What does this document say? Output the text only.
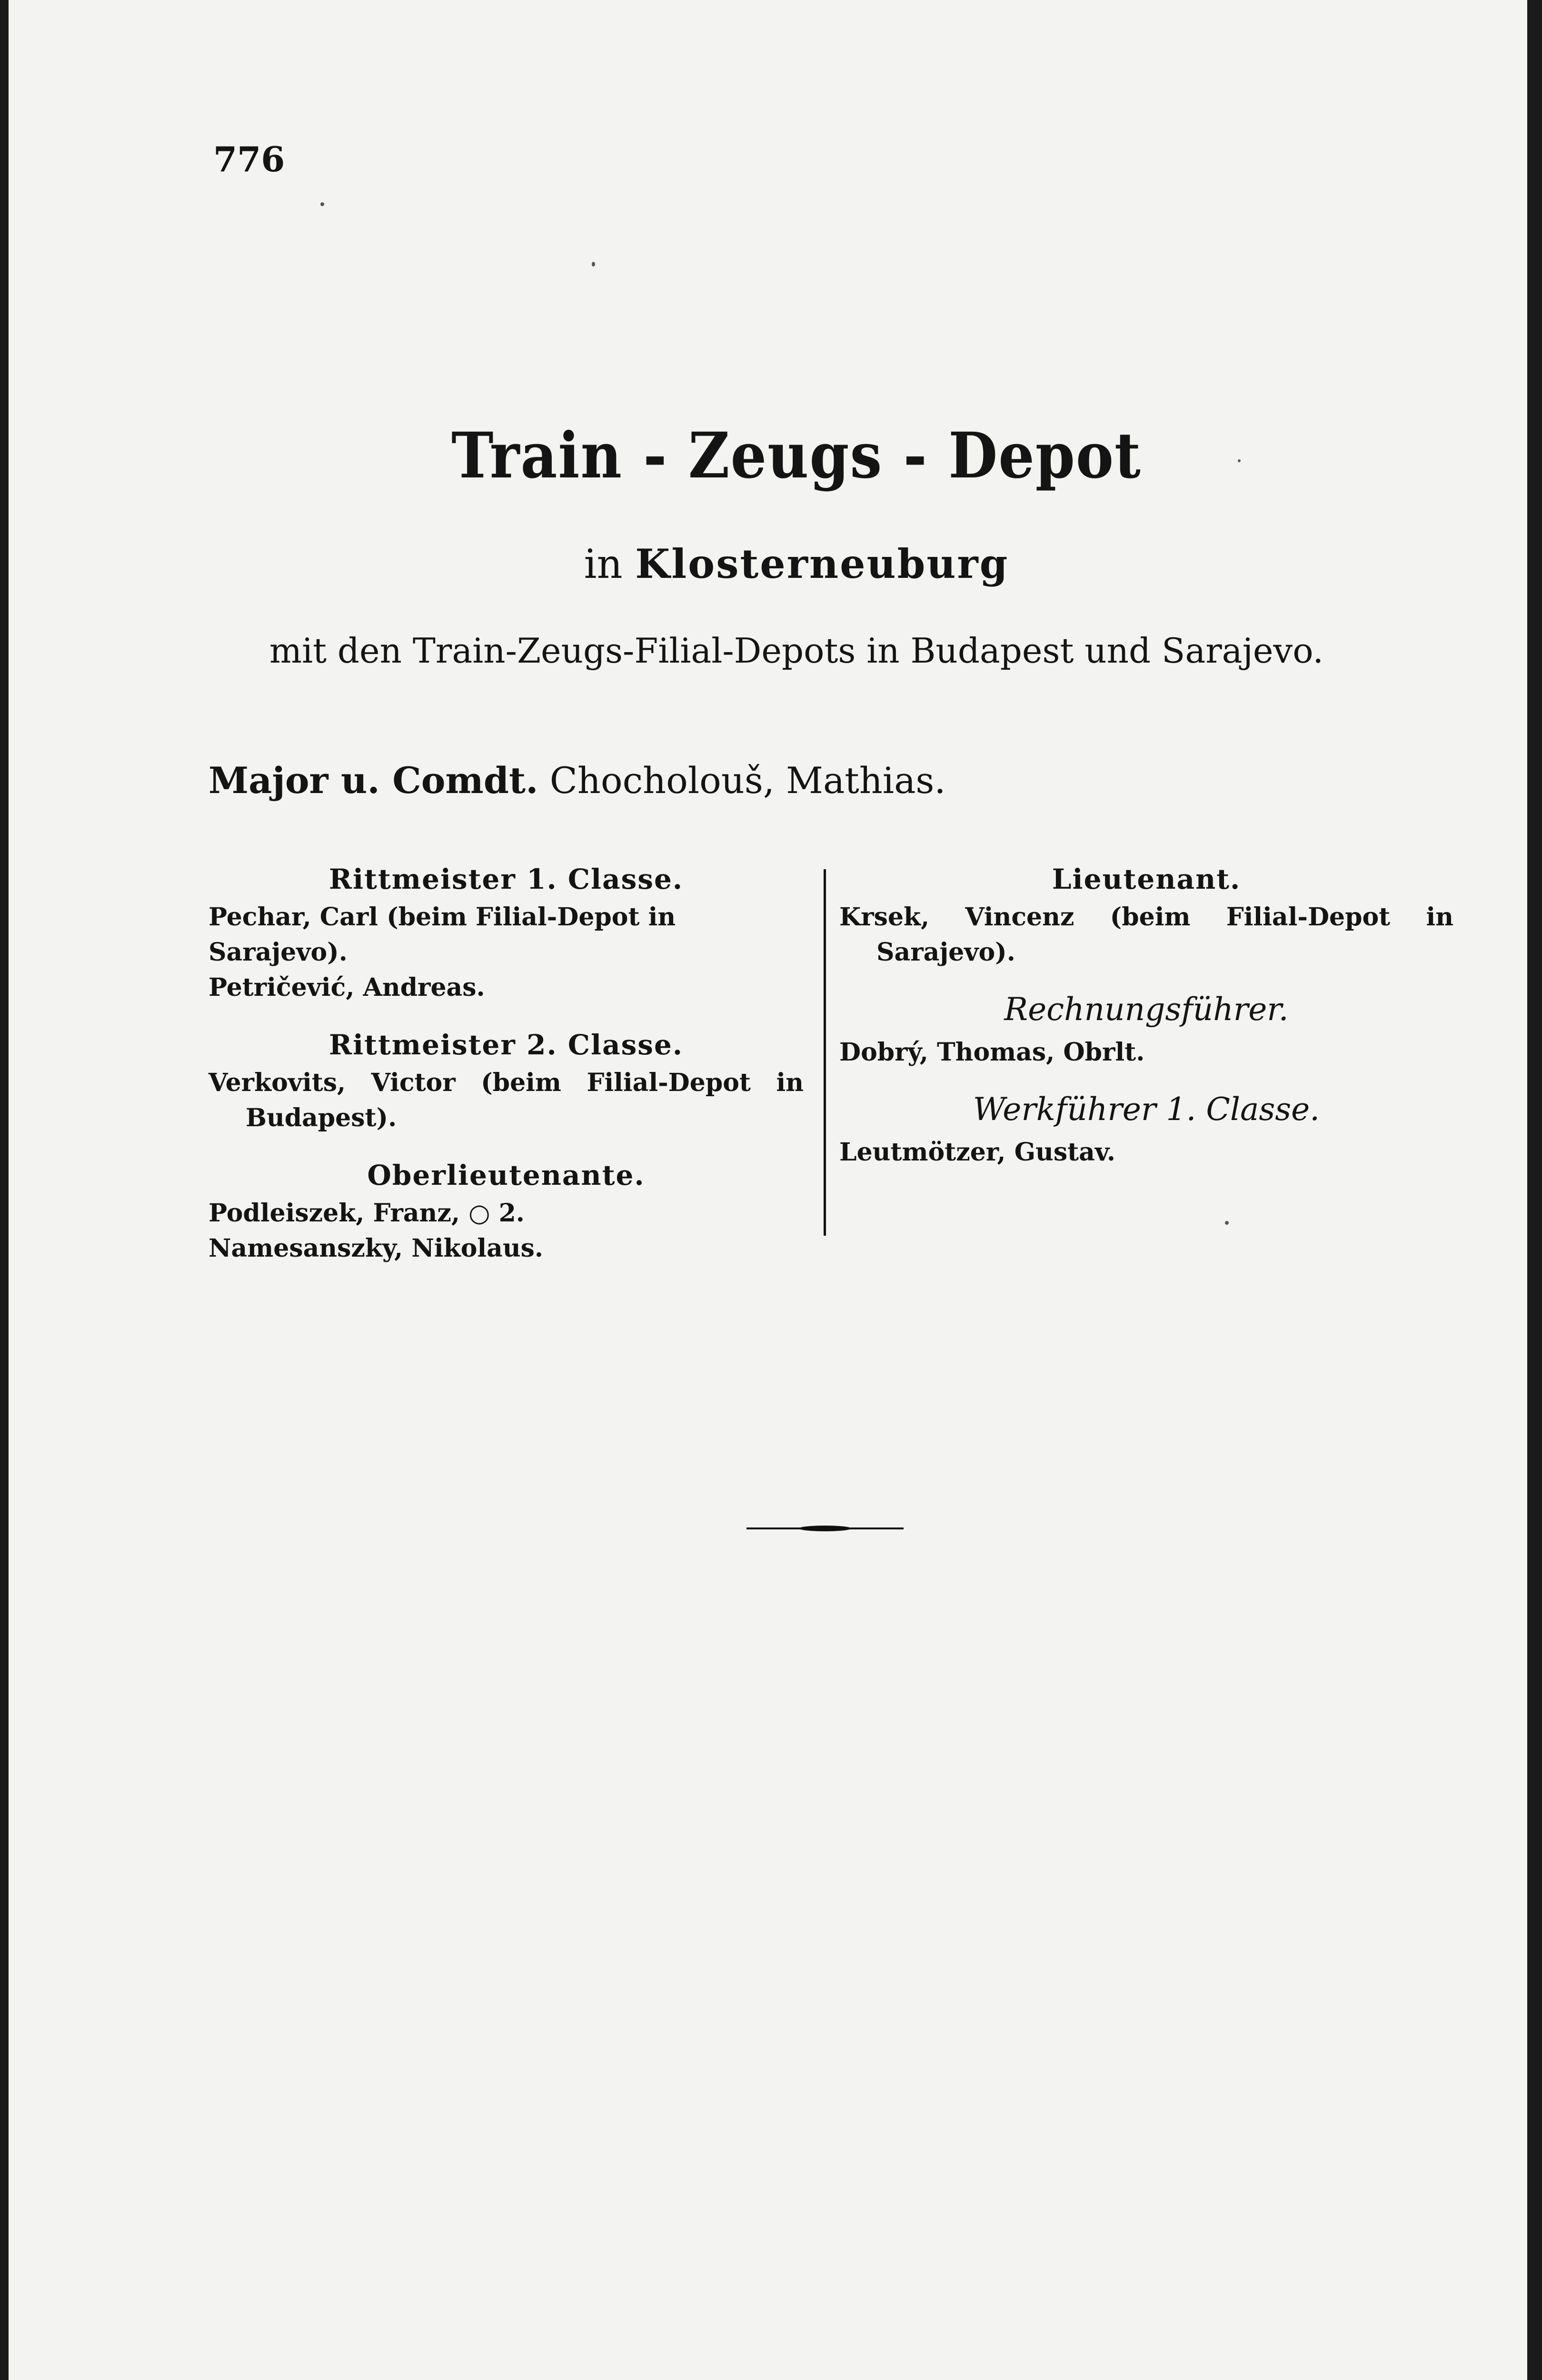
776
Train - Zeugs - Depot
in Klosterneuburg
mit den Train-Zeugs-Filial-Depots in Budapest und Sarajevo.
Major u. Comdt. Chocholouš, Mathias.
Rittmeister 1. Classe.
Pechar, Carl (beim Filial-Depot in Sarajevo).
Petričević, Andreas.
Rittmeister 2. Classe.
Verkovits, Victor (beim Filial-Depot in Budapest).
Oberlieutenante.
Podleiszek, Franz, ○ 2.
Namesanszky, Nikolaus.
Lieutenant.
Krsek, Vincenz (beim Filial-Depot in Sarajevo).
Rechnungsführer.
Dobrý, Thomas, Obrlt.
Werkführer 1. Classe.
Leutmötzer, Gustav.
